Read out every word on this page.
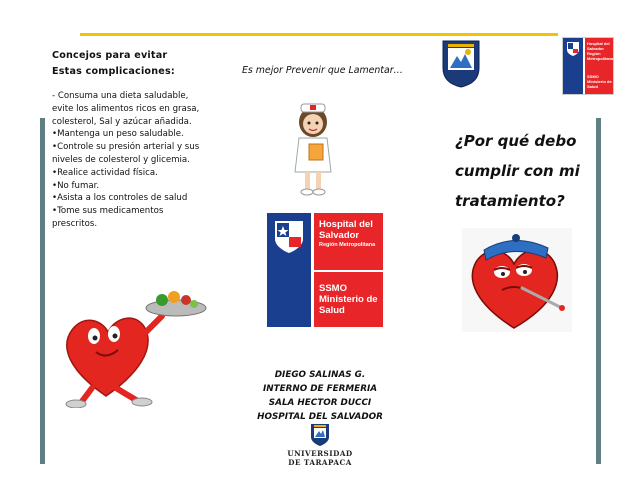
Concejos para evitar
Estas complicaciones:
- Consuma una dieta saludable, evite los alimentos ricos en grasa, colesterol, Sal y azúcar añadida.
•Mantenga un peso saludable.
•Controle su presión arterial y sus niveles de colesterol y glicemia.
•Realice actividad física.
•No fumar.
•Asista a los controles de salud
•Tome sus medicamentos prescritos.
Es mejor Prevenir que Lamentar…
Hospital del
Salvador
Región Metropolitana
SSMO
Ministerio de
Salud
¿Por qué debo
cumplir con mi
tratamiento?
Hospital del
Salvador
Región Metropolitana
SSMO
Ministerio de
Salud
DIEGO SALINAS G.
INTERNO DE FERMERIA
SALA HECTOR DUCCI
HOSPITAL DEL SALVADOR
UNIVERSIDAD
DE TARAPACA
